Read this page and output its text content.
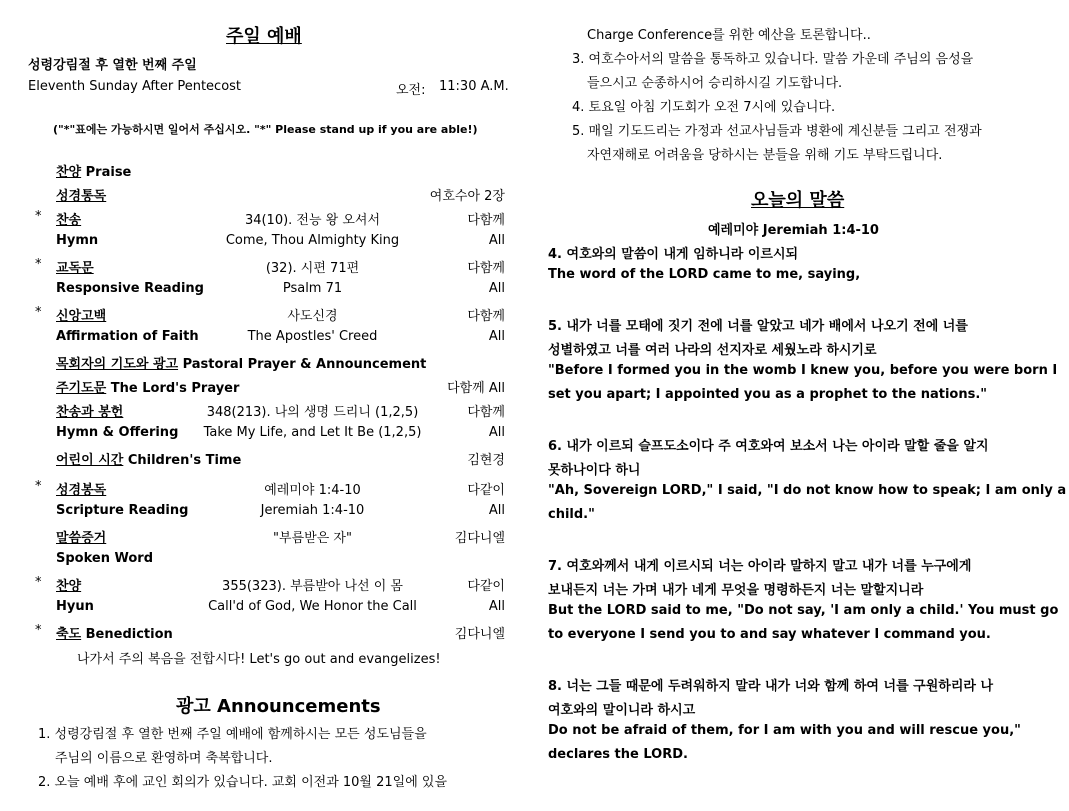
주일 예배
성령강림절 후 열한 번째 주일
Eleventh Sunday After Pentecost	오전: 11:30 A.M.
("*"표에는 가능하시면 일어서 주십시오. "*" Please stand up if you are able!)
찬양 Praise
성경통독	여호수아 2장
* 찬송	34(10). 전능 왕 오셔서	다함께
Hymn	Come, Thou Almighty King	All
* 교독문	(32). 시편 71편	다함께
Responsive Reading	Psalm 71	All
* 신앙고백	사도신경	다함께
Affirmation of Faith	The Apostles' Creed	All
목회자의 기도와 광고 Pastoral Prayer & Announcement
주기도문 The Lord's Prayer	다함께 All
찬송과 봉헌	348(213). 나의 생명 드리니 (1,2,5)	다함께
Hymn & Offering	Take My Life, and Let It Be (1,2,5)	All
어린이 시간 Children's Time	김현경
* 성경봉독	예레미야 1:4-10	다같이
Scripture Reading	Jeremiah 1:4-10	All
말씀증거	"부름받은 자"	김다니엘
Spoken Word
* 찬양	355(323). 부름받아 나선 이 몸	다같이
Hyun	Call'd of God, We Honor the Call	All
* 축도 Benediction	김다니엘
나가서 주의 복음을 전합시다! Let's go out and evangelizes!
광고 Announcements
1. 성령강림절 후 열한 번째 주일 예배에 함께하시는 모든 성도님들을
주님의 이름으로 환영하며 축복합니다.
2. 오늘 예배 후에 교인 회의가 있습니다. 교회 이전과 10월 21일에 있을
Charge Conference를 위한 예산을 토론합니다..
3. 여호수아서의 말씀을 통독하고 있습니다. 말씀 가운데 주님의 음성을
들으시고 순종하시어 승리하시길 기도합니다.
4. 토요일 아침 기도회가 오전 7시에 있습니다.
5. 매일 기도드리는 가정과 선교사님들과 병환에 계신분들 그리고 전쟁과
자연재해로 어려움을 당하시는 분들을 위해 기도 부탁드립니다.
오늘의 말씀
예레미야 Jeremiah 1:4-10
4. 여호와의 말씀이 내게 임하니라 이르시되
The word of the LORD came to me, saying,
5. 내가 너를 모태에 짓기 전에 너를 알았고 네가 배에서 나오기 전에 너를
성별하였고 너를 여러 나라의 선지자로 세웠노라 하시기로
"Before I formed you in the womb I knew you, before you were born I
set you apart; I appointed you as a prophet to the nations."
6. 내가 이르되 슬프도소이다 주 여호와여 보소서 나는 아이라 말할 줄을 알지
못하나이다 하니
"Ah, Sovereign LORD," I said, "I do not know how to speak; I am only a
child."
7. 여호와께서 내게 이르시되 너는 아이라 말하지 말고 내가 너를 누구에게
보내든지 너는 가며 내가 네게 무엇을 명령하든지 너는 말할지니라
But the LORD said to me, "Do not say, 'I am only a child.' You must go
to everyone I send you to and say whatever I command you.
8. 너는 그들 때문에 두려워하지 말라 내가 너와 함께 하여 너를 구원하리라 나
여호와의 말이니라 하시고
Do not be afraid of them, for I am with you and will rescue you,"
declares the LORD.
